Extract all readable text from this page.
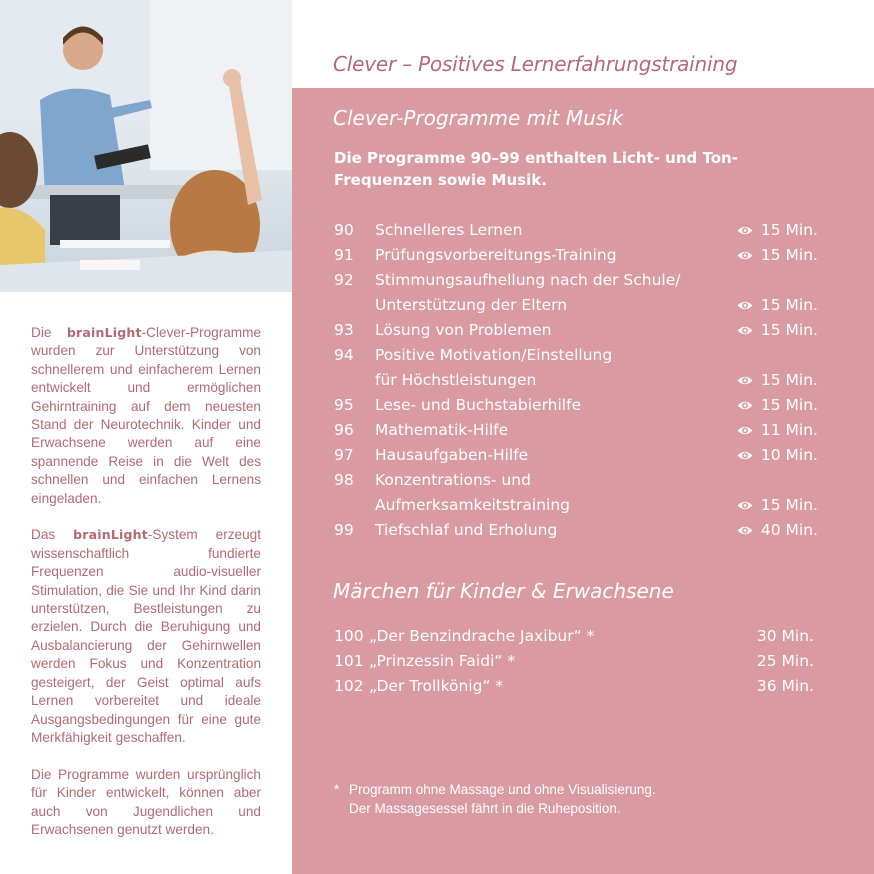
Die brainLight-Clever-Programme wurden zur Unterstützung von schnellerem und einfacherem Lernen entwickelt und ermöglichen Gehirntraining auf dem neuesten Stand der Neurotechnik. Kinder und Erwachsene werden auf eine spannende Reise in die Welt des schnellen und einfachen Lernens eingeladen.

Das brainLight-System erzeugt wissenschaftlich fundierte Frequenzen audio-visueller Stimulation, die Sie und Ihr Kind darin unterstützen, Bestleistungen zu erzielen. Durch die Beruhigung und Ausbalancierung der Gehirnwellen werden Fokus und Konzentration gesteigert, der Geist optimal aufs Lernen vorbereitet und ideale Ausgangsbedingungen für eine gute Merkfähigkeit geschaffen.

Die Programme wurden ursprünglich für Kinder entwickelt, können aber auch von Jugendlichen und Erwachsenen genutzt werden.

Clever – Positives Lernerfahrungstraining
Clever-Programme mit Musik
Die Programme 90–99 enthalten Licht- und Ton-Frequenzen sowie Musik.
90 Schnelleres Lernen	15 Min.
91 Prüfungsvorbereitungs-Training	15 Min.
92 Stimmungsaufhellung nach der Schule/
Unterstützung der Eltern	15 Min.
93 Lösung von Problemen	15 Min.
94 Positive Motivation/Einstellung
für Höchstleistungen	15 Min.
95 Lese- und Buchstabierhilfe	15 Min.
96 Mathematik-Hilfe	11 Min.
97 Hausaufgaben-Hilfe	10 Min.
98 Konzentrations- und
Aufmerksamkeitstraining	15 Min.
99 Tiefschlaf und Erholung	40 Min.
Märchen für Kinder & Erwachsene
100 „Der Benzindrache Jaxibur“ *	30 Min.
101 „Prinzessin Faidi“ *	25 Min.
102 „Der Trollkönig“ *	36 Min.
* Programm ohne Massage und ohne Visualisierung.
Der Massagesessel fährt in die Ruheposition.
